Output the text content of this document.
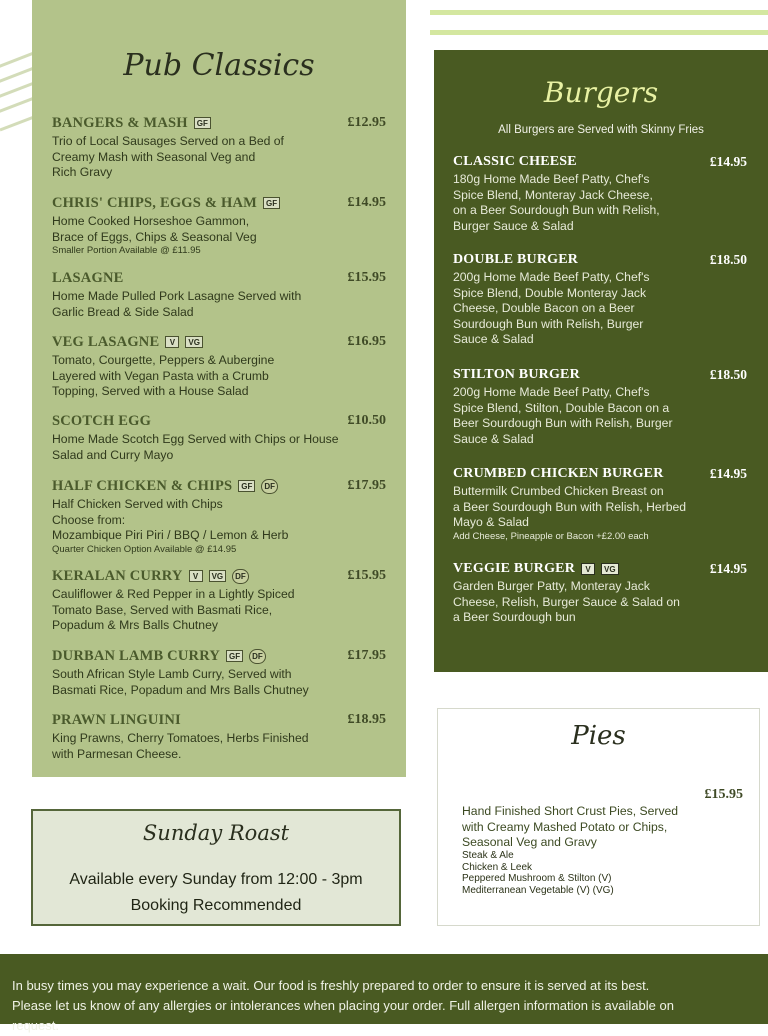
Pub Classics
BANGERS & MASH	GF	£12.95
Trio of Local Sausages Served on a Bed of
Creamy Mash with Seasonal Veg and
Rich Gravy
CHRIS' CHIPS, EGGS & HAM	GF	£14.95
Home Cooked Horseshoe Gammon,
Brace of Eggs, Chips & Seasonal Veg
Smaller Portion Available @ £11.95
LASAGNE	£15.95
Home Made Pulled Pork Lasagne Served with
Garlic Bread & Side Salad
VEG LASAGNE	V	VG	£16.95
Tomato, Courgette, Peppers & Aubergine
Layered with Vegan Pasta with a Crumb
Topping, Served with a House Salad
SCOTCH EGG	£10.50
Home Made Scotch Egg Served with Chips or House
Salad and Curry Mayo
HALF CHICKEN & CHIPS	GF	DF	£17.95
Half Chicken Served with Chips
Choose from:
Mozambique Piri Piri / BBQ / Lemon & Herb
Quarter Chicken Option Available @ £14.95
KERALAN CURRY	V	VG	DF	£15.95
Cauliflower & Red Pepper in a Lightly Spiced
Tomato Base, Served with Basmati Rice,
Popadum & Mrs Balls Chutney
DURBAN LAMB CURRY	GF	DF	£17.95
South African Style Lamb Curry, Served with
Basmati Rice, Popadum and Mrs Balls Chutney
PRAWN LINGUINI	£18.95
King Prawns, Cherry Tomatoes, Herbs Finished
with Parmesan Cheese.
Sunday Roast
Available every Sunday from 12:00 - 3pm
Booking Recommended
Burgers
All Burgers are Served with Skinny Fries
CLASSIC CHEESE	£14.95
180g Home Made Beef Patty, Chef's
Spice Blend, Monteray Jack Cheese,
on a Beer Sourdough Bun with Relish,
Burger Sauce & Salad
DOUBLE BURGER	£18.50
200g Home Made Beef Patty, Chef's
Spice Blend, Double Monteray Jack
Cheese, Double Bacon on a Beer
Sourdough Bun with Relish, Burger
Sauce & Salad
STILTON BURGER	£18.50
200g Home Made Beef Patty, Chef's
Spice Blend, Stilton, Double Bacon on a
Beer Sourdough Bun with Relish, Burger
Sauce & Salad
CRUMBED CHICKEN BURGER	£14.95
Buttermilk Crumbed Chicken Breast on
a Beer Sourdough Bun with Relish, Herbed
Mayo & Salad
Add Cheese, Pineapple or Bacon +£2.00 each
VEGGIE BURGER	V	VG	£14.95
Garden Burger Patty, Monteray Jack
Cheese, Relish, Burger Sauce & Salad on
a Beer Sourdough bun
Pies
£15.95
Hand Finished Short Crust Pies, Served
with Creamy Mashed Potato or Chips,
Seasonal Veg and Gravy
Steak & Ale
Chicken & Leek
Peppered Mushroom & Stilton (V)
Mediterranean Vegetable (V) (VG)
In busy times you may experience a wait. Our food is freshly prepared to order to ensure it is served at its best.
Please let us know of any allergies or intolerances when placing your order. Full allergen information is available on
request.
